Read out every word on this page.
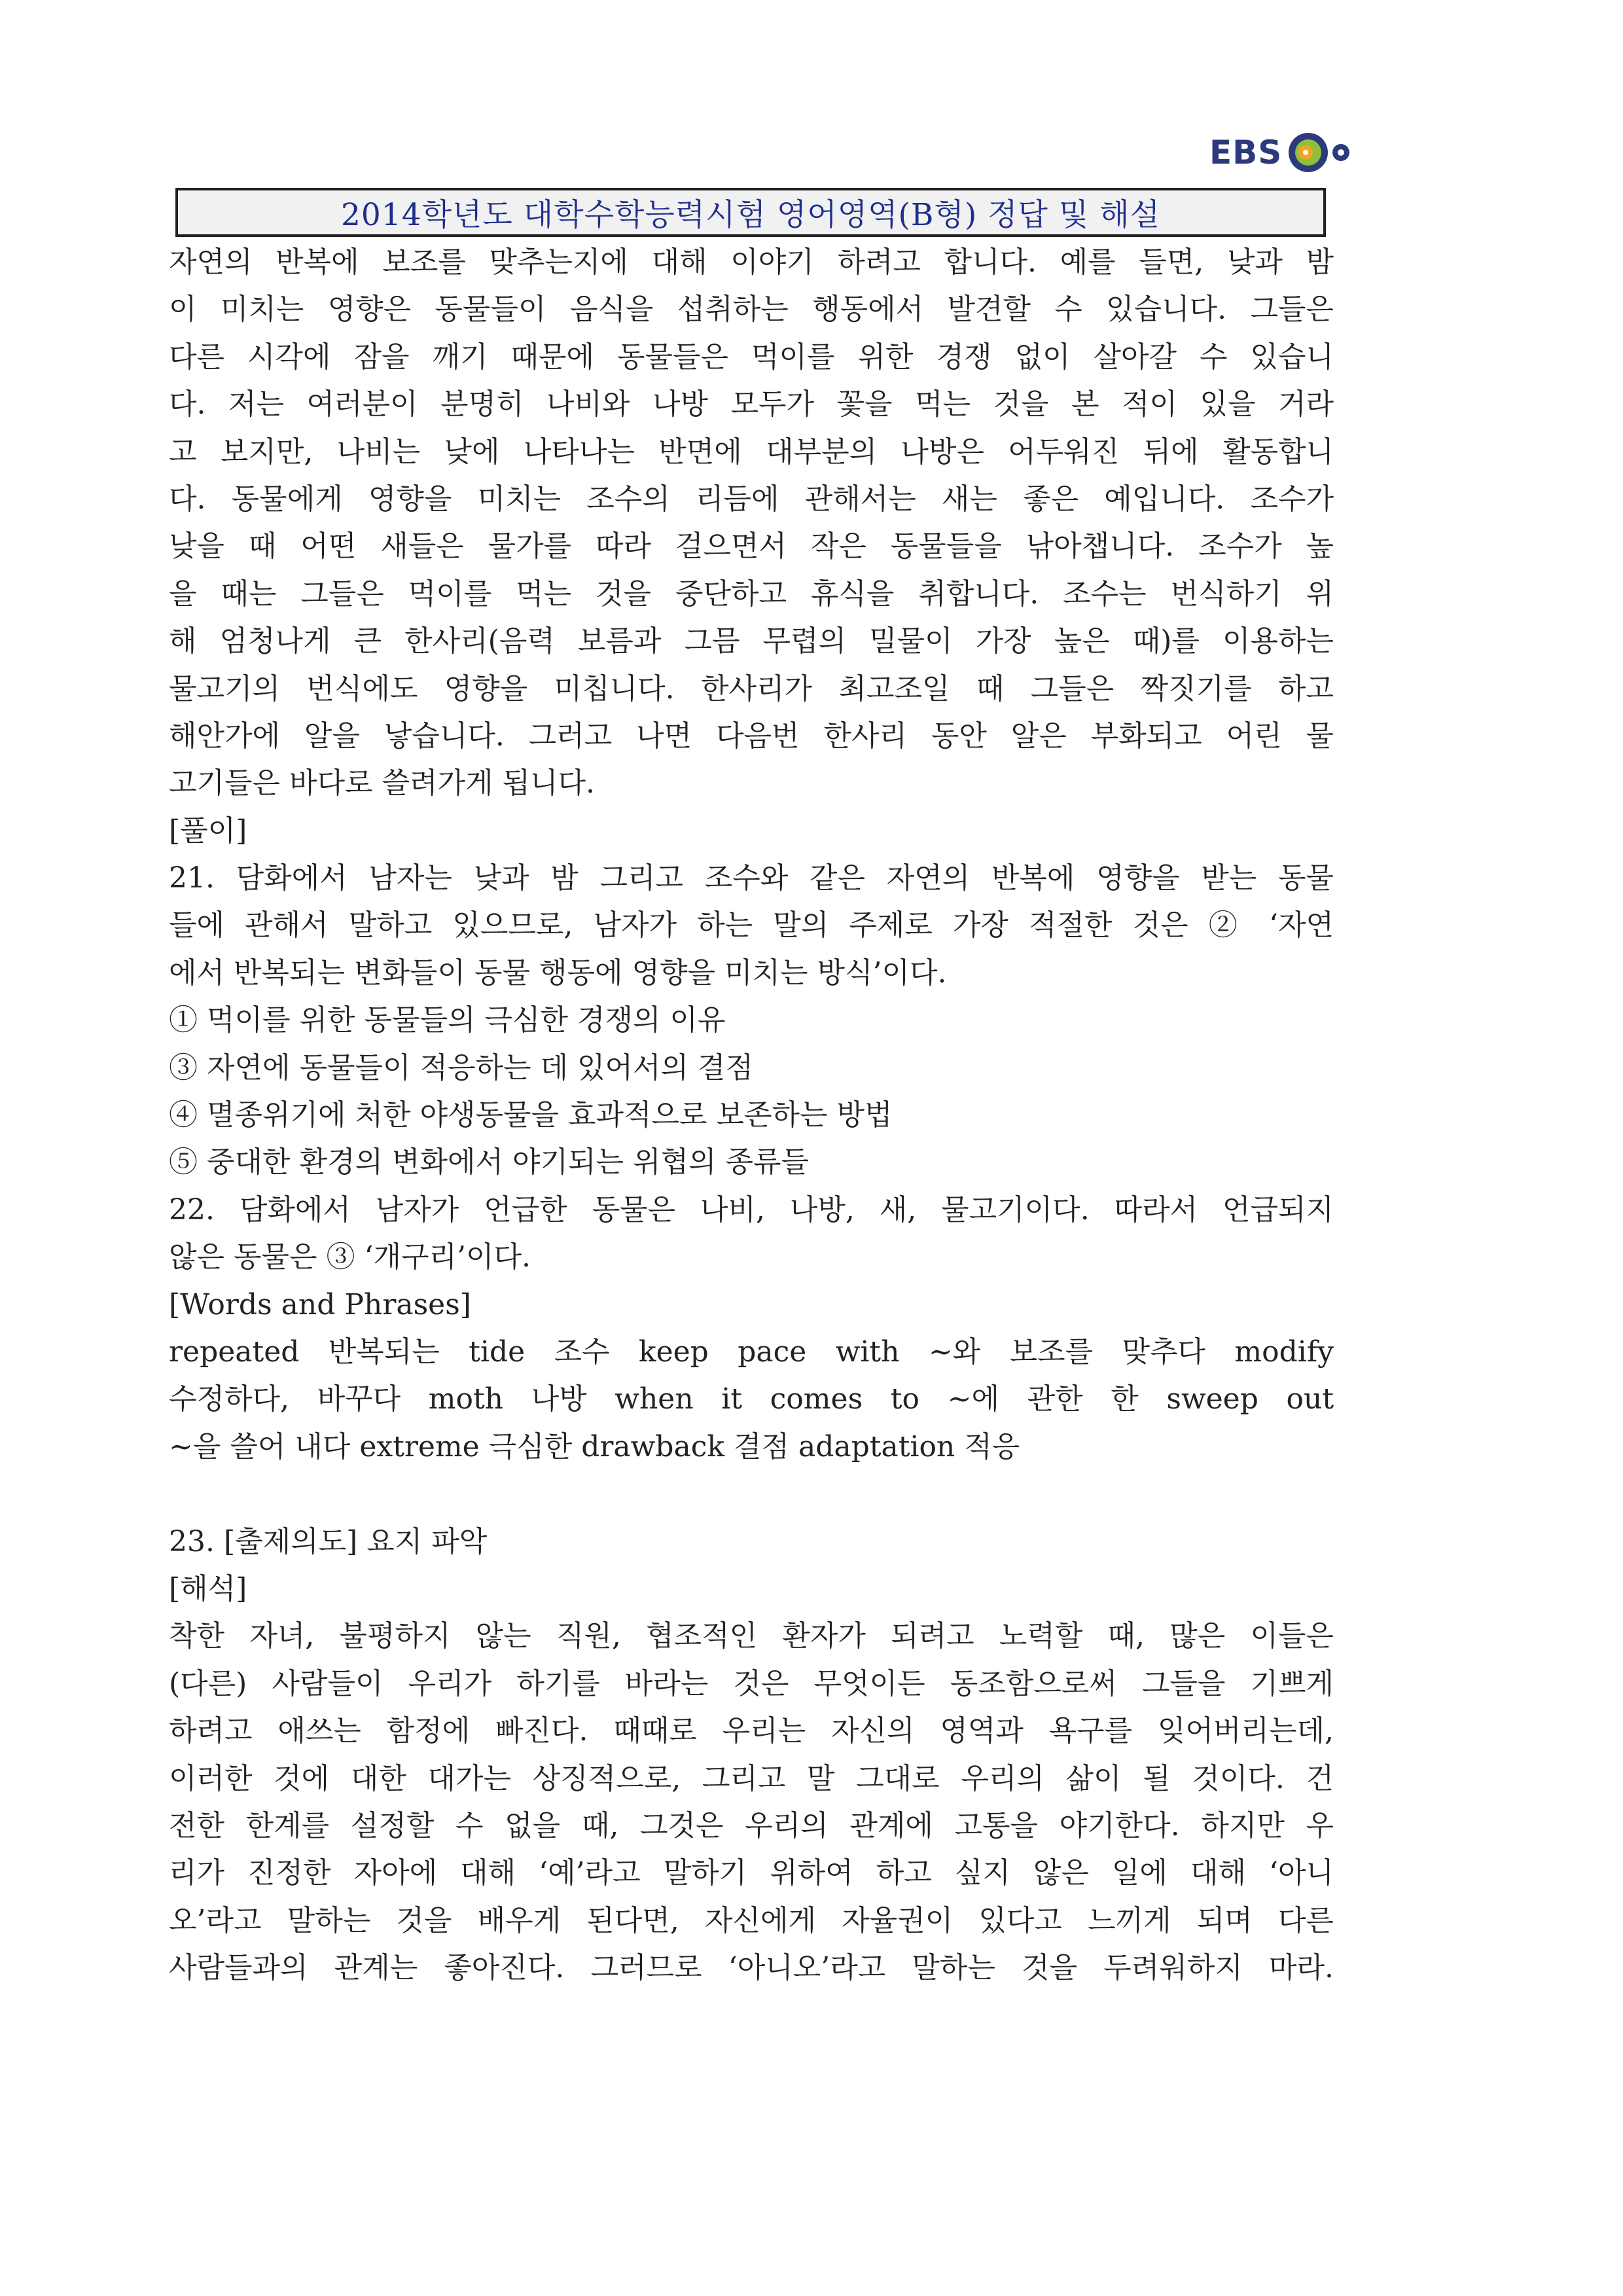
EBS
2014학년도 대학수학능력시험 영어영역(B형) 정답 및 해설
자연의 반복에 보조를 맞추는지에 대해 이야기 하려고 합니다. 예를 들면, 낮과 밤
이 미치는 영향은 동물들이 음식을 섭취하는 행동에서 발견할 수 있습니다. 그들은
다른 시각에 잠을 깨기 때문에 동물들은 먹이를 위한 경쟁 없이 살아갈 수 있습니
다. 저는 여러분이 분명히 나비와 나방 모두가 꽃을 먹는 것을 본 적이 있을 거라
고 보지만, 나비는 낮에 나타나는 반면에 대부분의 나방은 어두워진 뒤에 활동합니
다. 동물에게 영향을 미치는 조수의 리듬에 관해서는 새는 좋은 예입니다. 조수가
낮을 때 어떤 새들은 물가를 따라 걸으면서 작은 동물들을 낚아챕니다. 조수가 높
을 때는 그들은 먹이를 먹는 것을 중단하고 휴식을 취합니다. 조수는 번식하기 위
해 엄청나게 큰 한사리(음력 보름과 그믐 무렵의 밀물이 가장 높은 때)를 이용하는
물고기의 번식에도 영향을 미칩니다. 한사리가 최고조일 때 그들은 짝짓기를 하고
해안가에 알을 낳습니다. 그러고 나면 다음번 한사리 동안 알은 부화되고 어린 물
고기들은 바다로 쓸려가게 됩니다.
[풀이]
21. 담화에서 남자는 낮과 밤 그리고 조수와 같은 자연의 반복에 영향을 받는 동물
들에 관해서 말하고 있으므로, 남자가 하는 말의 주제로 가장 적절한 것은 ② ‘자연
에서 반복되는 변화들이 동물 행동에 영향을 미치는 방식’이다.
① 먹이를 위한 동물들의 극심한 경쟁의 이유
③ 자연에 동물들이 적응하는 데 있어서의 결점
④ 멸종위기에 처한 야생동물을 효과적으로 보존하는 방법
⑤ 중대한 환경의 변화에서 야기되는 위협의 종류들
22. 담화에서 남자가 언급한 동물은 나비, 나방, 새, 물고기이다. 따라서 언급되지
않은 동물은 ③ ‘개구리’이다.
[Words and Phrases]
repeated 반복되는 tide 조수 keep pace with ~와 보조를 맞추다 modify
수정하다, 바꾸다 moth 나방 when it comes to ~에 관한 한 sweep out
~을 쓸어 내다 extreme 극심한 drawback 결점 adaptation 적응
23. [출제의도] 요지 파악
[해석]
착한 자녀, 불평하지 않는 직원, 협조적인 환자가 되려고 노력할 때, 많은 이들은
(다른) 사람들이 우리가 하기를 바라는 것은 무엇이든 동조함으로써 그들을 기쁘게
하려고 애쓰는 함정에 빠진다. 때때로 우리는 자신의 영역과 욕구를 잊어버리는데,
이러한 것에 대한 대가는 상징적으로, 그리고 말 그대로 우리의 삶이 될 것이다. 건
전한 한계를 설정할 수 없을 때, 그것은 우리의 관계에 고통을 야기한다. 하지만 우
리가 진정한 자아에 대해 ‘예’라고 말하기 위하여 하고 싶지 않은 일에 대해 ‘아니
오’라고 말하는 것을 배우게 된다면, 자신에게 자율권이 있다고 느끼게 되며 다른
사람들과의 관계는 좋아진다. 그러므로 ‘아니오’라고 말하는 것을 두려워하지 마라.
